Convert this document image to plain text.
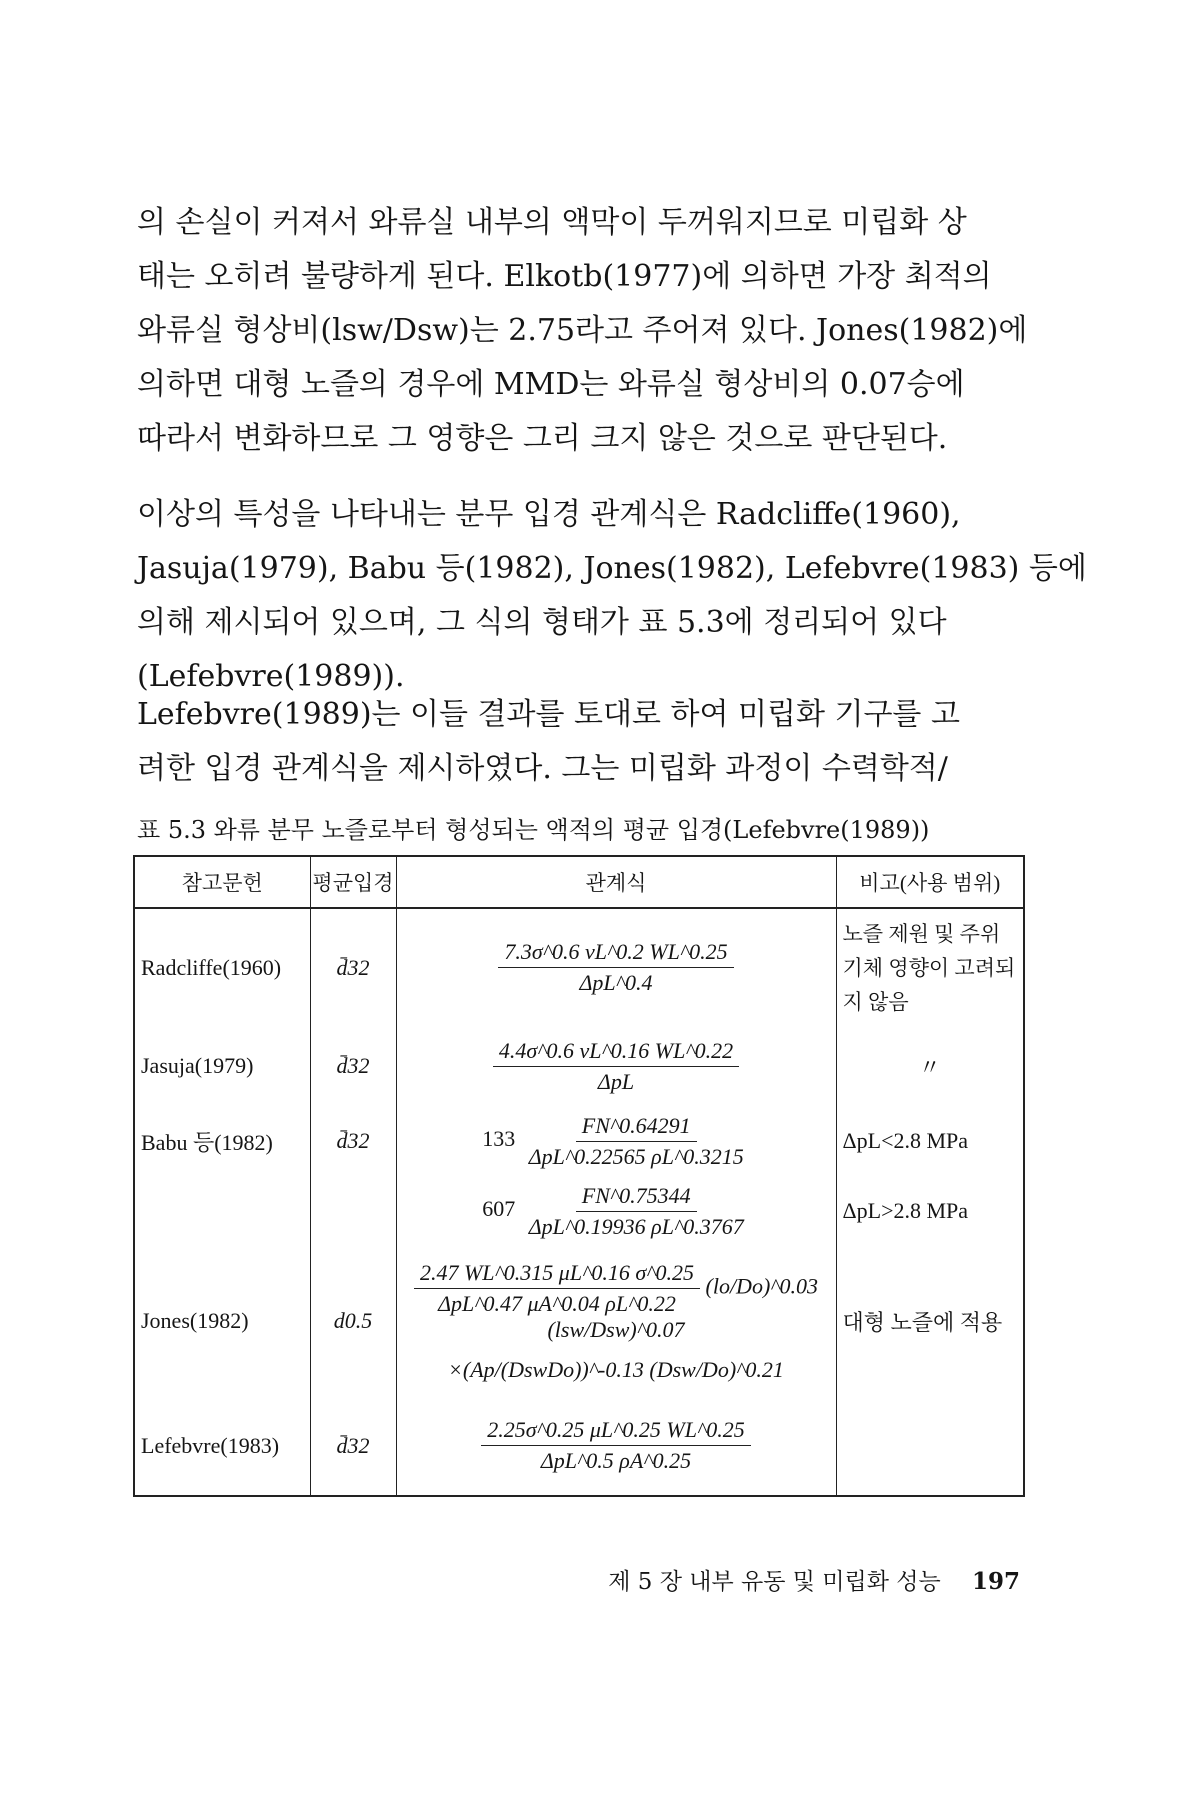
의 손실이 커져서 와류실 내부의 액막이 두꺼워지므로 미립화 상
태는 오히려 불량하게 된다. Elkotb(1977)에 의하면 가장 최적의
와류실 형상비(lsw/Dsw)는 2.75라고 주어져 있다. Jones(1982)에
의하면 대형 노즐의 경우에 MMD는 와류실 형상비의 0.07승에
따라서 변화하므로 그 영향은 그리 크지 않은 것으로 판단된다.
이상의 특성을 나타내는 분무 입경 관계식은 Radcliffe(1960),
Jasuja(1979), Babu 등(1982), Jones(1982), Lefebvre(1983) 등에
의해 제시되어 있으며, 그 식의 형태가 표 5.3에 정리되어 있다
(Lefebvre(1989)).
Lefebvre(1989)는 이들 결과를 토대로 하여 미립화 기구를 고
려한 입경 관계식을 제시하였다. 그는 미립화 과정이 수력학적/
표 5.3 와류 분무 노즐로부터 형성되는 액적의 평균 입경(Lefebvre(1989))
참고문헌	평균입경	관계식	비고(사용 범위)
Radcliffe(1960)	d̄32	$\frac{7.3\sigma\^{}0.6 \nu L\^{}0.2 WL\^{}0.25}{\text{ΔpL\textasciicircum{}0.4}}$	노즐 제원 및 주위 기체 영향이 고려되지 않음
Jasuja(1979)	d̄32	$\frac{4.4\sigma\^{}0.6 \nu L\^{}0.16 WL\^{}0.22}{\text{ΔpL}}$	〃
Babu 등(1982)	d̄32	$133 \frac{FN\^{}0.64291}{\text{ΔpL\textasciicircum{}0.22565 ρL\textasciicircum{}0.3215}}$	ΔpL<2.8 MPa
		$607 \frac{FN\^{}0.75344}{\text{ΔpL\textasciicircum{}0.19936 ρL\textasciicircum{}0.3767}}$	ΔpL>2.8 MPa
Jones(1982)	d0.5	$\frac{2.47 WL\^{}0.315 \mu L\^{}0.16 \sigma\^{}0.25}{\text{ΔpL\textasciicircum{}0.47 μA\textasciicircum{}0.04 ρL\textasciicircum{}0.22}}$ (lo/Do)^0.03 (lsw/Dsw)^0.07
×(Ap/(DswDo))^-0.13 (Dsw/Do)^0.21	대형 노즐에 적용
Lefebvre(1983)	d̄32	$\frac{2.25\sigma\^{}0.25 \mu L\^{}0.25 WL\^{}0.25}{\text{ΔpL\textasciicircum{}0.5 ρA\textasciicircum{}0.25}}$

제 5 장 내부 유동 및 미립화 성능 197
